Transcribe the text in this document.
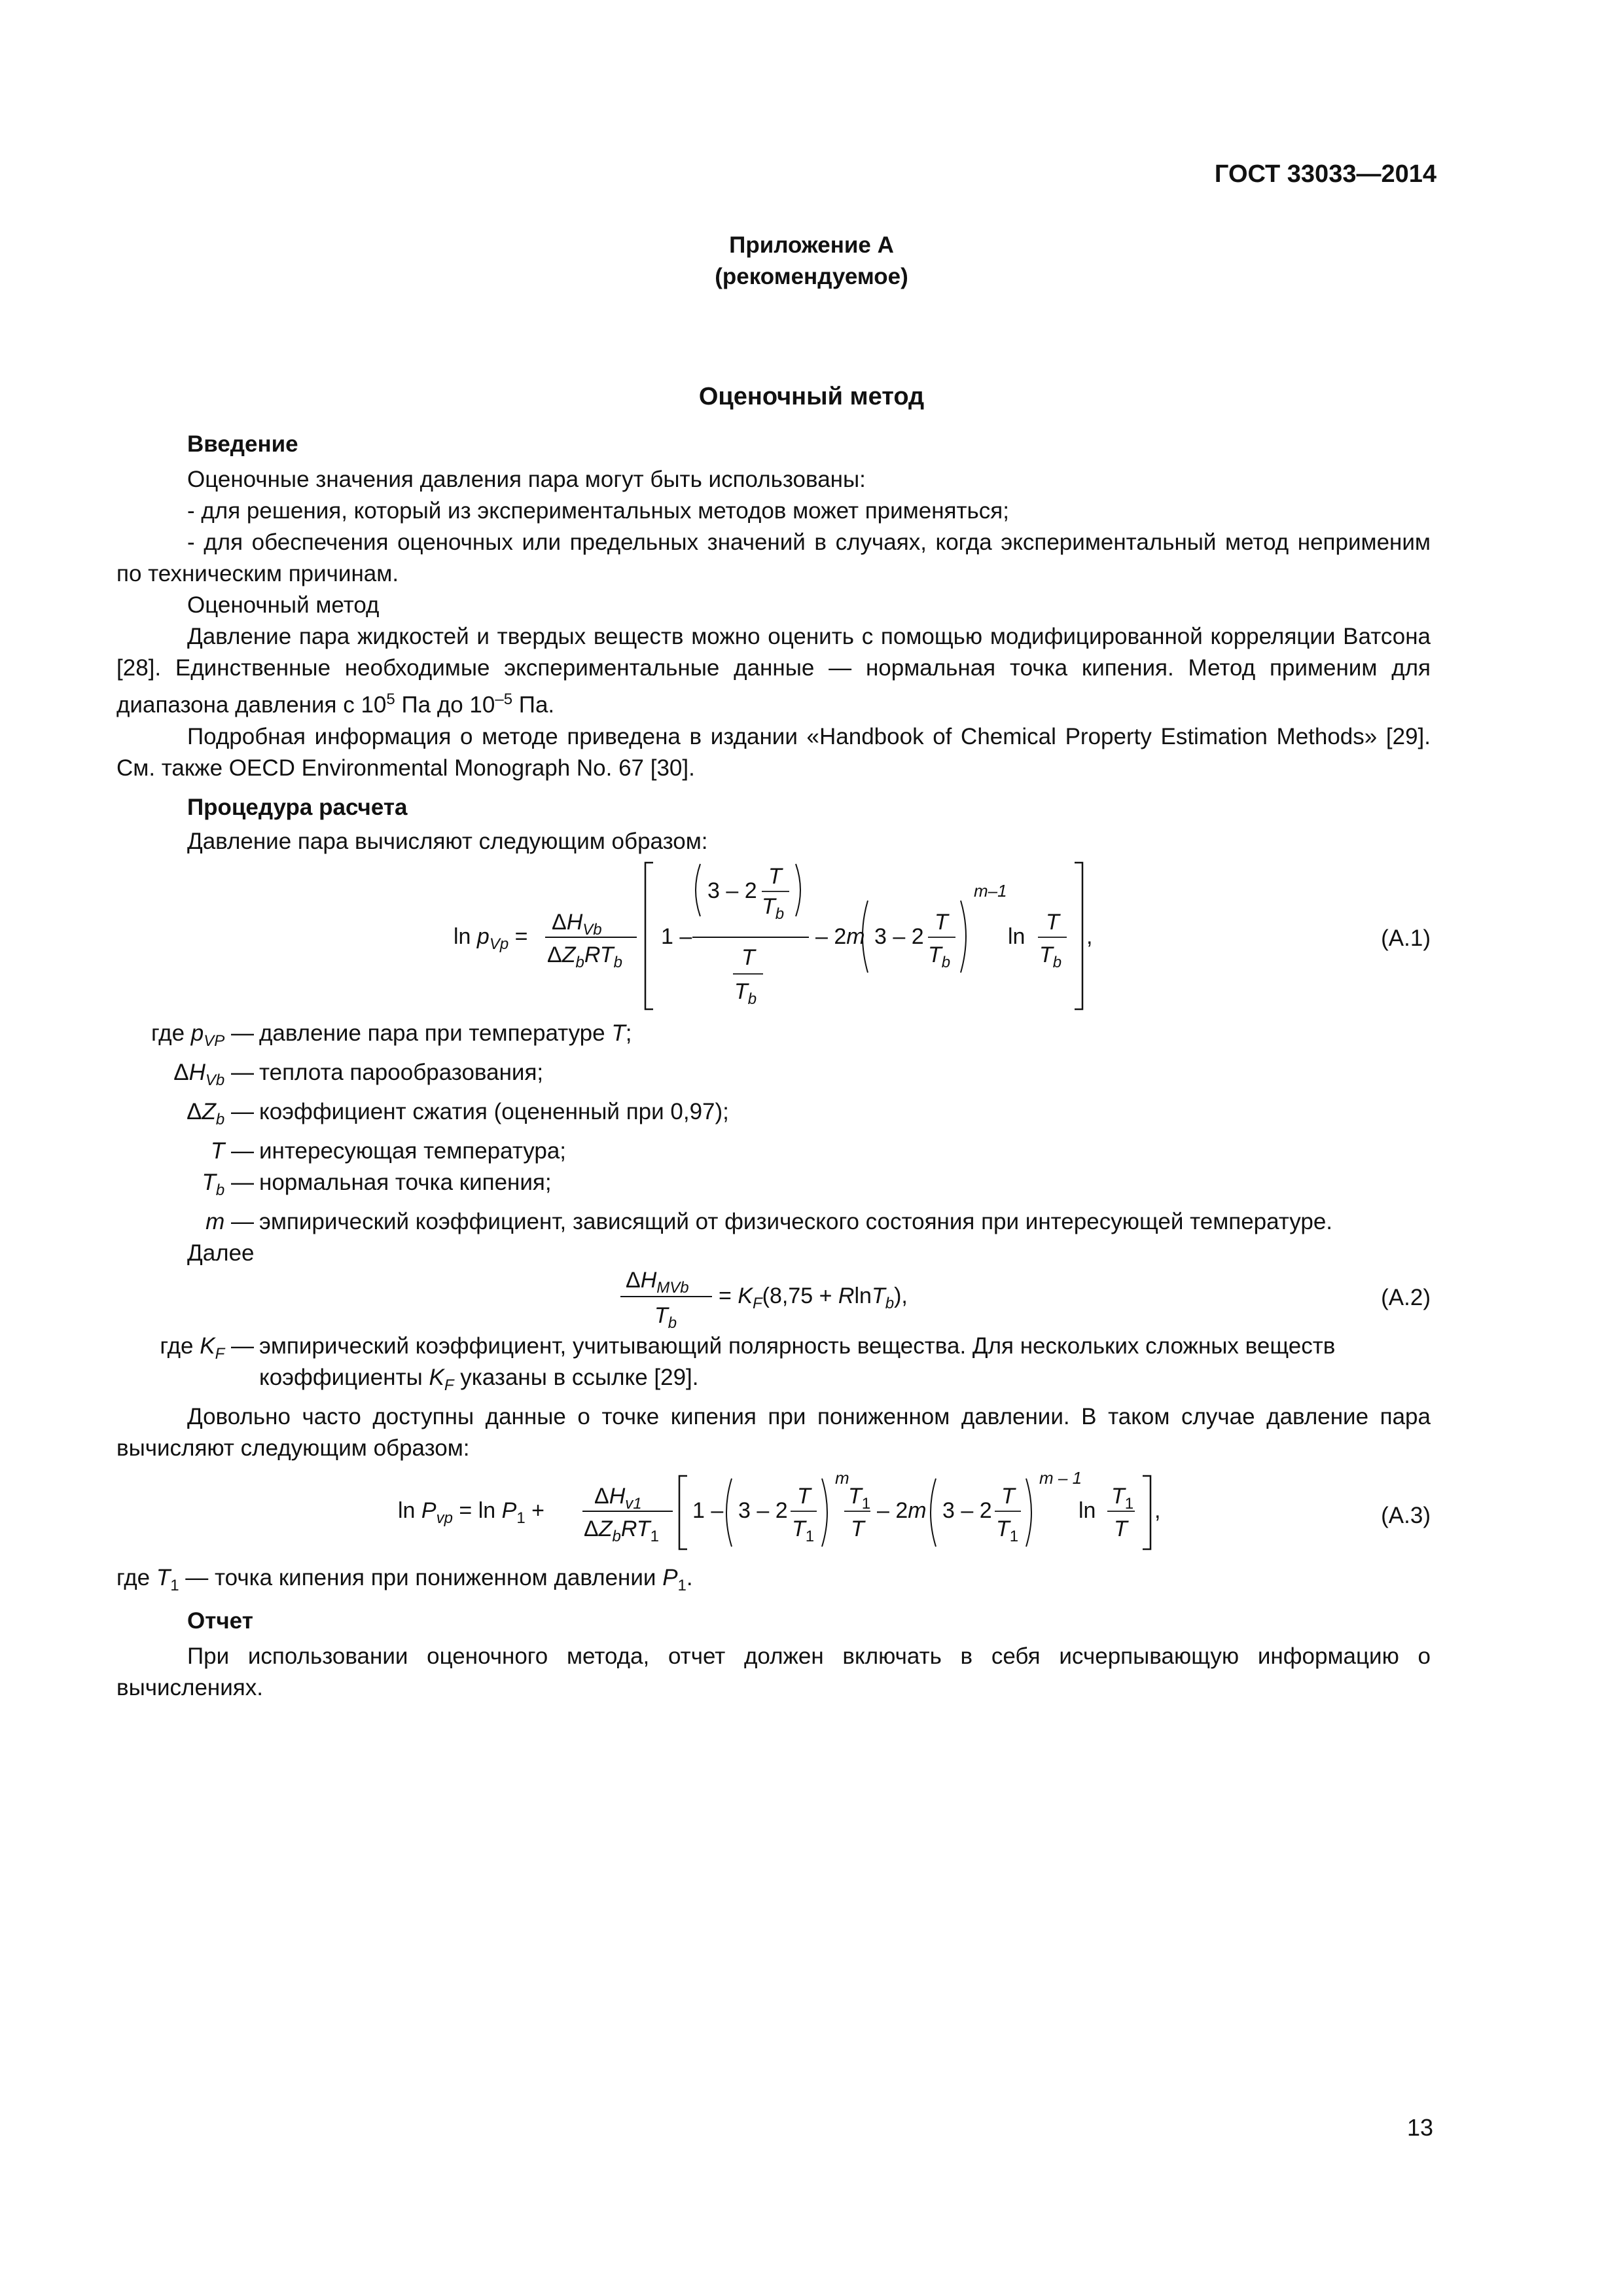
ГОСТ 33033—2014
Приложение А
(рекомендуемое)
Оценочный метод

Введение

Оценочные значения давления пара могут быть использованы:

- для решения, который из экспериментальных методов может применяться;

- для обеспечения оценочных или предельных значений в случаях, когда экспериментальный метод неприменим по техническим причинам.

Оценочный метод

Давление пара жидкостей и твердых веществ можно оценить с помощью модифицированной корреляции Ватсона [28]. Единственные необходимые экспериментальные данные — нормальная точка кипения. Метод применим для диапазона давления с $10^5$ Па до $10^{-5}$ Па.

Подробная информация о методе приведена в издании «Handbook of Chemical Property Estimation Methods» [29]. См. также OECD Environmental Monograph No. 67 [30].

Процедура расчета

Давление пара вычисляют следующим образом:

$\ln p_{Vp}$ =
$\Delta H_{Vb}$
$\Delta Z_bRT_b$
1 –
3 – 2
T
$T_b$
T
$T_b$
– 2m 3 – 2
T
$T_b$
m–1
ln
T
$T_b$
,	(A.1)
где $p_{VP}$ — давление пара при температуре T;
$\Delta H_{Vb}$ — теплота парообразования;
$\Delta Z_b$ — коэффициент сжатия (оцененный при 0,97);
T — интересующая температура;
$T_b$ — нормальная точка кипения;
m — эмпирический коэффициент, зависящий от физического состояния при интересующей температуре.

Далее

$\Delta H_{MVb}$
$T_b$
= $K_F(8,75 + RlnT_b)$,	(A.2)
где $K_F$ — эмпирический коэффициент, учитывающий полярность вещества. Для нескольких сложных веществ коэффициенты $K_F$ указаны в ссылке [29].

Довольно часто доступны данные о точке кипения при пониженном давлении. В таком случае давление пара вычисляют следующим образом:

$\ln P_{vp} = \ln P_1$ +
$\Delta H_{v1}$
$\Delta Z_bRT_1$
1 – 3 – 2
T
$T_1$
m
$T_1$
T
– 2m 3 – 2
T
$T_1$
m – 1
ln
$T_1$
T
,	(A.3)

где $T_1$ — точка кипения при пониженном давлении $P_1$.

Отчет

При использовании оценочного метода, отчет должен включать в себя исчерпывающую информацию о вычислениях.

13
